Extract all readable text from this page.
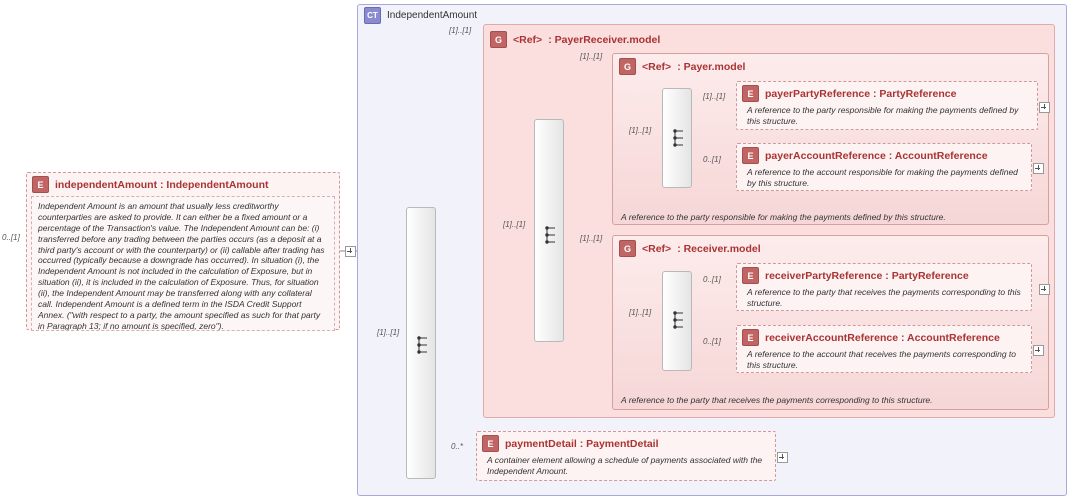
CT IndependentAmount
E	independentAmount : IndependentAmount
Independent Amount is an amount that usually less creditworthy counterparties are asked to provide. It can either be a fixed amount or a percentage of the Transaction's value. The Independent Amount can be: (i) transferred before any trading between the parties occurs (as a deposit at a third party's account or with the counterparty) or (ii) callable after trading has occurred (typically because a downgrade has occurred). In situation (i), the Independent Amount is not included in the calculation of Exposure, but in situation (ii), it is included in the calculation of Exposure. Thus, for situation (ii), the Independent Amount may be transferred along with any collateral call. Independent Amount is a defined term in the ISDA Credit Support Annex. ("with respect to a party, the amount specified as such for that party in Paragraph 13; if no amount is specified, zero").
0..[1]
[1]..[1]
G	<Ref> : PayerReceiver.model
[1]..[1]
[1]..[1]
G	<Ref> : Payer.model
[1]..[1]
A reference to the party responsible for making the payments defined by this structure.
[1]..[1]
E	payerPartyReference : PartyReference
A reference to the party responsible for making the payments defined by this structure.
[1]..[1]
E	payerAccountReference : AccountReference
A reference to the account responsible for making the payments defined by this structure.
0..[1]
G	<Ref> : Receiver.model
[1]..[1]
A reference to the party that receives the payments corresponding to this structure.
[1]..[1]
E	receiverPartyReference : PartyReference
A reference to the party that receives the payments corresponding to this structure.
0..[1]
E	receiverAccountReference : AccountReference
A reference to the account that receives the payments corresponding to this structure.
0..[1]
E	paymentDetail : PaymentDetail
A container element allowing a schedule of payments associated with the Independent Amount.
0..*
